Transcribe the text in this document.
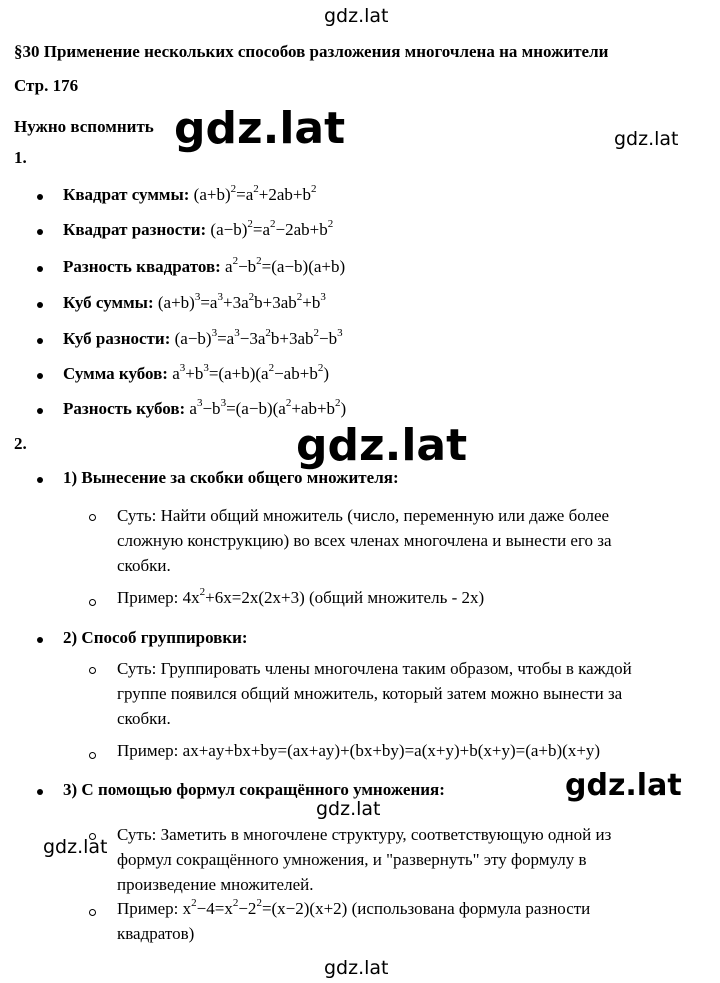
gdz.lat
§30 Применение нескольких способов разложения многочлена на множители
Стр. 176
Нужно вспомнить gdz.lat	gdz.lat
1.
Квадрат суммы: $(a+b)^2=a^2+2ab+b^2$
Квадрат разности: $(a-b)^2=a^2-2ab+b^2$
Разность квадратов: $a^2-b^2=(a-b)(a+b)$
Куб суммы: $(a+b)^3=a^3+3a^2b+3ab^2+b^3$
Куб разности: $(a-b)^3=a^3-3a^2b+3ab^2-b^3$
Сумма кубов: $a^3+b^3=(a+b)(a^2-ab+b^2)$
Разность кубов: $a^3-b^3=(a-b)(a^2+ab+b^2)$
2.	gdz.lat
1) Вынесение за скобки общего множителя:
Суть: Найти общий множитель (число, переменную или даже более
сложную конструкцию) во всех членах многочлена и вынести его за
скобки.
Пример: $4x^2+6x=2x(2x+3)$ (общий множитель - 2x)
2) Способ группировки:
Суть: Группировать члены многочлена таким образом, чтобы в каждой
группе появился общий множитель, который затем можно вынести за
скобки.
Пример: ax+ay+bx+by=(ax+ay)+(bx+by)=a(x+y)+b(x+y)=(a+b)(x+y)
3) С помощью формул сокращённого умножения:	gdz.lat
gdz.lat
Суть: Заметить в многочлене структуру, соответствующую одной из
формул сокращённого умножения, и "развернуть" эту формулу в
произведение множителей.
gdz.lat
Пример: $x^2-4=x^2-2^2=(x-2)(x+2)$ (использована формула разности
квадратов)
gdz.lat
